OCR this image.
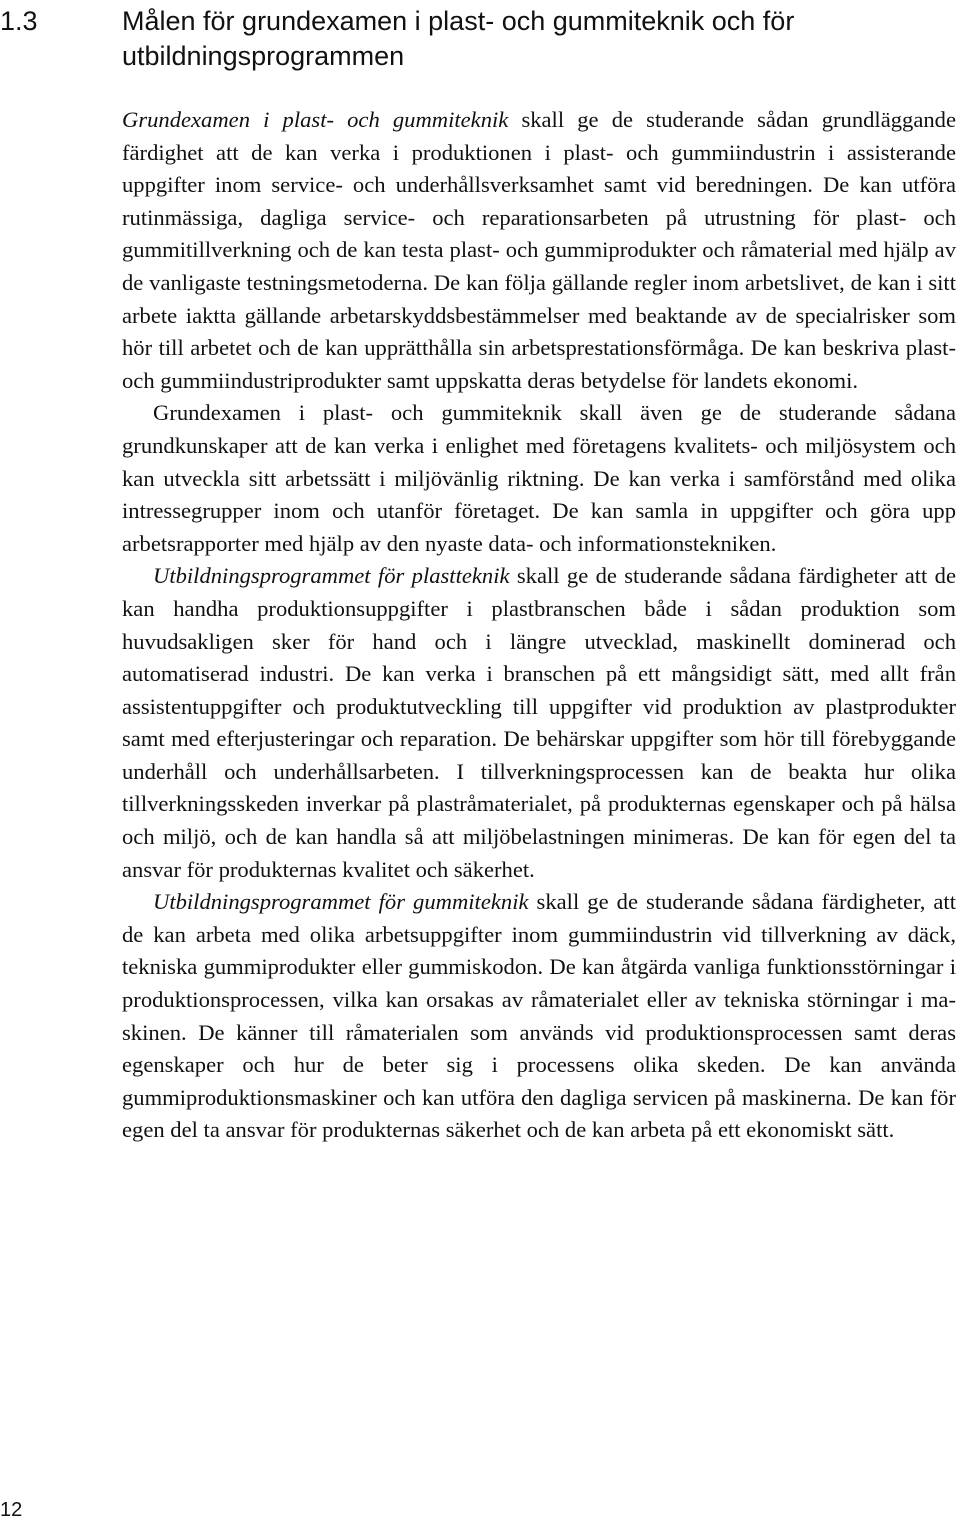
1.3	Målen för grundexamen i plast- och gummiteknik och för utbildningsprogrammen

Grundexamen i plast- och gummiteknik skall ge de studerande sådan grundläggande färdighet att de kan verka i produktionen i plast- och gummiindustrin i assisterande uppgifter inom service- och underhållsverksamhet samt vid beredningen. De kan utföra rutinmässiga, dagliga service- och reparationsarbeten på utrustning för plast- och gummitillverkning och de kan testa plast- och gummiprodukter och råmaterial med hjälp av de vanligaste testningsmetoderna. De kan följa gällande regler inom arbetslivet, de kan i sitt arbete iaktta gällande arbetarskyddsbestämmelser med beaktande av de specialrisker som hör till arbetet och de kan upprätthålla sin arbetsprestationsförmåga. De kan beskriva plast- och gummiindustriprodukter samt uppskatta deras betydelse för landets ekonomi.

Grundexamen i plast- och gummiteknik skall även ge de studerande sådana grundkunskaper att de kan verka i enlighet med företagens kvalitets- och miljösystem och kan utveckla sitt arbetssätt i miljövänlig riktning. De kan verka i samförstånd med olika intressegrupper inom och utanför företaget. De kan samla in uppgifter och göra upp arbetsrapporter med hjälp av den nyaste data- och informationstekniken.

Utbildningsprogrammet för plastteknik skall ge de studerande sådana färdigheter att de kan handha produktionsuppgifter i plastbranschen både i sådan produktion som huvudsakligen sker för hand och i längre utvecklad, maskinellt dominerad och automatiserad industri. De kan verka i branschen på ett mångsidigt sätt, med allt från assistentuppgifter och produktutveckling till uppgifter vid produktion av plastprodukter samt med efterjusteringar och reparation. De behärskar uppgifter som hör till förebyggande underhåll och underhållsarbeten. I tillverkningsprocessen kan de beakta hur olika tillverkningsskeden inverkar på plastråmaterialet, på produkternas egenskaper och på hälsa och miljö, och de kan handla så att miljöbelastningen minimeras. De kan för egen del ta ansvar för produkternas kvalitet och säkerhet.

Utbildningsprogrammet för gummiteknik skall ge de studerande sådana färdigheter, att de kan arbeta med olika arbetsuppgifter inom gummiindustrin vid tillverkning av däck, tekniska gummiprodukter eller gummiskodon. De kan åtgärda vanliga funktionsstörningar i produktionsprocessen, vilka kan orsakas av råmaterialet eller av tekniska störningar i maskinen. De känner till råmaterialen som används vid produktionsprocessen samt deras egenskaper och hur de beter sig i processens olika skeden. De kan använda gummiproduktionsmaskiner och kan utföra den dagliga servicen på maskinerna. De kan för egen del ta ansvar för produkternas säkerhet och de kan arbeta på ett ekonomiskt sätt.

12
